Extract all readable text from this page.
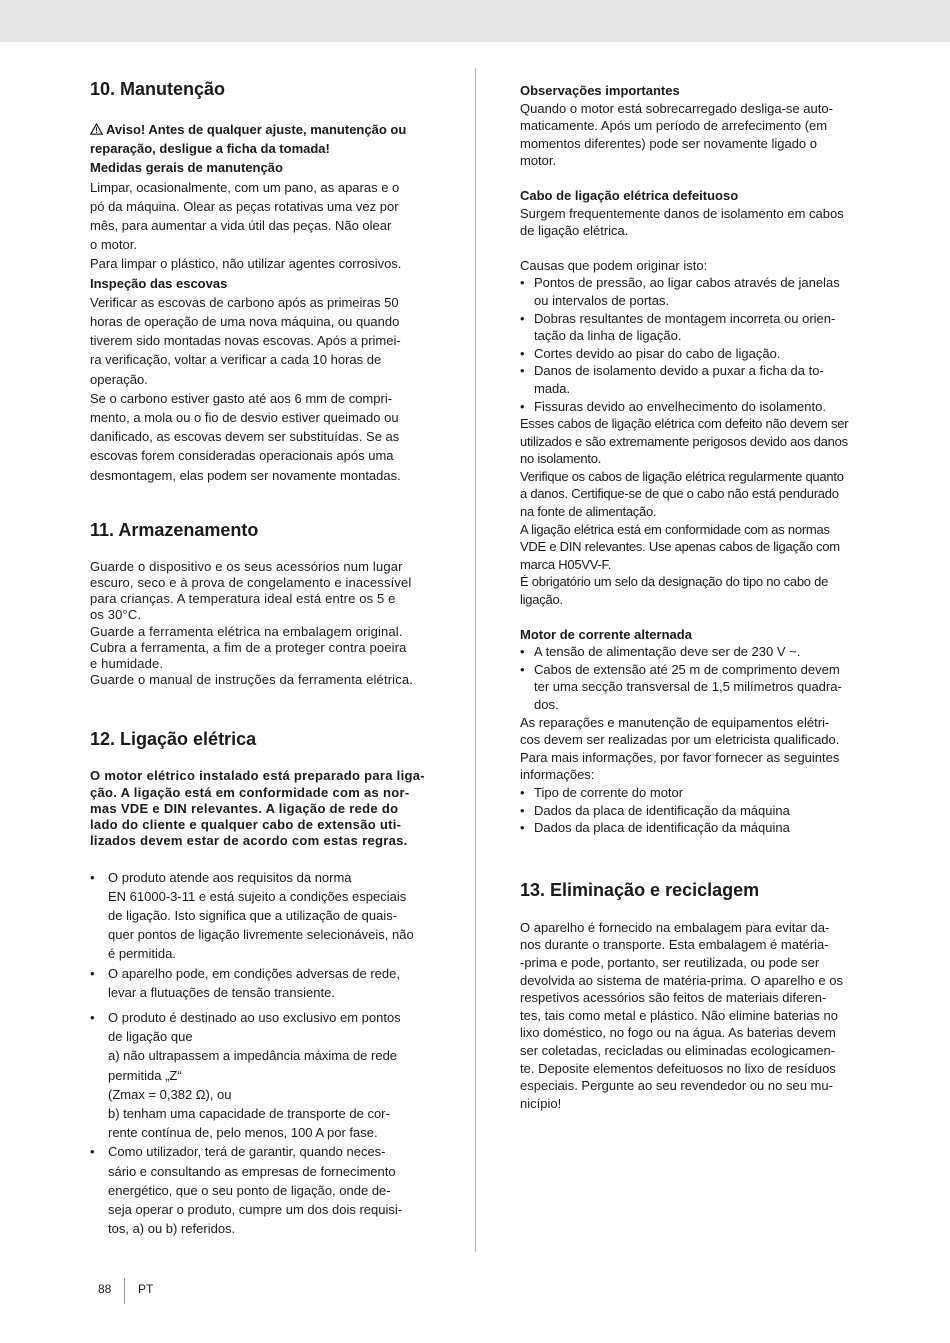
10. Manutenção

Aviso! Antes de qualquer ajuste, manutenção ou reparação, desligue a ficha da tomada!

Medidas gerais de manutenção

Limpar, ocasionalmente, com um pano, as aparas e o

pó da máquina. Olear as peças rotativas uma vez por

mês, para aumentar a vida útil das peças. Não olear

o motor.

Para limpar o plástico, não utilizar agentes corrosivos.

Inspeção das escovas

Verificar as escovas de carbono após as primeiras 50

horas de operação de uma nova máquina, ou quando

tiverem sido montadas novas escovas. Após a primei-

ra verificação, voltar a verificar a cada 10 horas de

operação.

Se o carbono estiver gasto até aos 6 mm de compri-

mento, a mola ou o fio de desvio estiver queimado ou

danificado, as escovas devem ser substituídas. Se as

escovas forem consideradas operacionais após uma

desmontagem, elas podem ser novamente montadas.

11. Armazenamento

Guarde o dispositivo e os seus acessórios num lugar

escuro, seco e à prova de congelamento e inacessível

para crianças. A temperatura ideal está entre os 5 e

os 30°C.

Guarde a ferramenta elétrica na embalagem original.

Cubra a ferramenta, a fim de a proteger contra poeira

e humidade.

Guarde o manual de instruções da ferramenta elétrica.

12. Ligação elétrica

O motor elétrico instalado está preparado para liga-

ção. A ligação está em conformidade com as nor-

mas VDE e DIN relevantes. A ligação de rede do

lado do cliente e qualquer cabo de extensão uti-

lizados devem estar de acordo com estas regras.

• O produto atende aos requisitos da norma
EN 61000-3-11 e está sujeito a condições especiais
de ligação. Isto significa que a utilização de quais-
quer pontos de ligação livremente selecionáveis, não
é permitida.
• O aparelho pode, em condições adversas de rede,
levar a flutuações de tensão transiente.
• O produto é destinado ao uso exclusivo em pontos
de ligação que
a) não ultrapassem a impedância máxima de rede
permitida „Z“
(Zmax = 0,382 Ω), ou
b) tenham uma capacidade de transporte de cor-
rente contínua de, pelo menos, 100 A por fase.
• Como utilizador, terá de garantir, quando neces-
sário e consultando as empresas de fornecimento
energético, que o seu ponto de ligação, onde de-
seja operar o produto, cumpre um dos dois requisi-
tos, a) ou b) referidos.

Observações importantes

Quando o motor está sobrecarregado desliga-se auto-

maticamente. Após um período de arrefecimento (em

momentos diferentes) pode ser novamente ligado o

motor.

Cabo de ligação elétrica defeituoso

Surgem frequentemente danos de isolamento em cabos

de ligação elétrica.

Causas que podem originar isto:

• Pontos de pressão, ao ligar cabos através de janelas
ou intervalos de portas.
• Dobras resultantes de montagem incorreta ou orien-
tação da linha de ligação.
• Cortes devido ao pisar do cabo de ligação.
• Danos de isolamento devido a puxar a ficha da to-
mada.
• Fissuras devido ao envelhecimento do isolamento.

Esses cabos de ligação elétrica com defeito não devem ser

utilizados e são extremamente perigosos devido aos danos

no isolamento.

Verifique os cabos de ligação elétrica regularmente quanto

a danos. Certifique-se de que o cabo não está pendurado

na fonte de alimentação.

A ligação elétrica está em conformidade com as normas

VDE e DIN relevantes. Use apenas cabos de ligação com

marca H05VV-F.

É obrigatório um selo da designação do tipo no cabo de

ligação.

Motor de corrente alternada

• A tensão de alimentação deve ser de 230 V ~.
• Cabos de extensão até 25 m de comprimento devem
ter uma secção transversal de 1,5 milímetros quadra-
dos.

As reparações e manutenção de equipamentos elétri-

cos devem ser realizadas por um eletricista qualificado.

Para mais informações, por favor fornecer as seguintes

informações:

• Tipo de corrente do motor
• Dados da placa de identificação da máquina
• Dados da placa de identificação da máquina
13. Eliminação e reciclagem

O aparelho é fornecido na embalagem para evitar da-

nos durante o transporte. Esta embalagem é matéria-

-prima e pode, portanto, ser reutilizada, ou pode ser

devolvida ao sistema de matéria-prima. O aparelho e os

respetivos acessórios são feitos de materiais diferen-

tes, tais como metal e plástico. Não elimine baterias no

lixo doméstico, no fogo ou na água. As baterias devem

ser coletadas, recicladas ou eliminadas ecologicamen-

te. Deposite elementos defeituosos no lixo de resíduos

especiais. Pergunte ao seu revendedor ou no seu mu-

nicípio!

88 PT
